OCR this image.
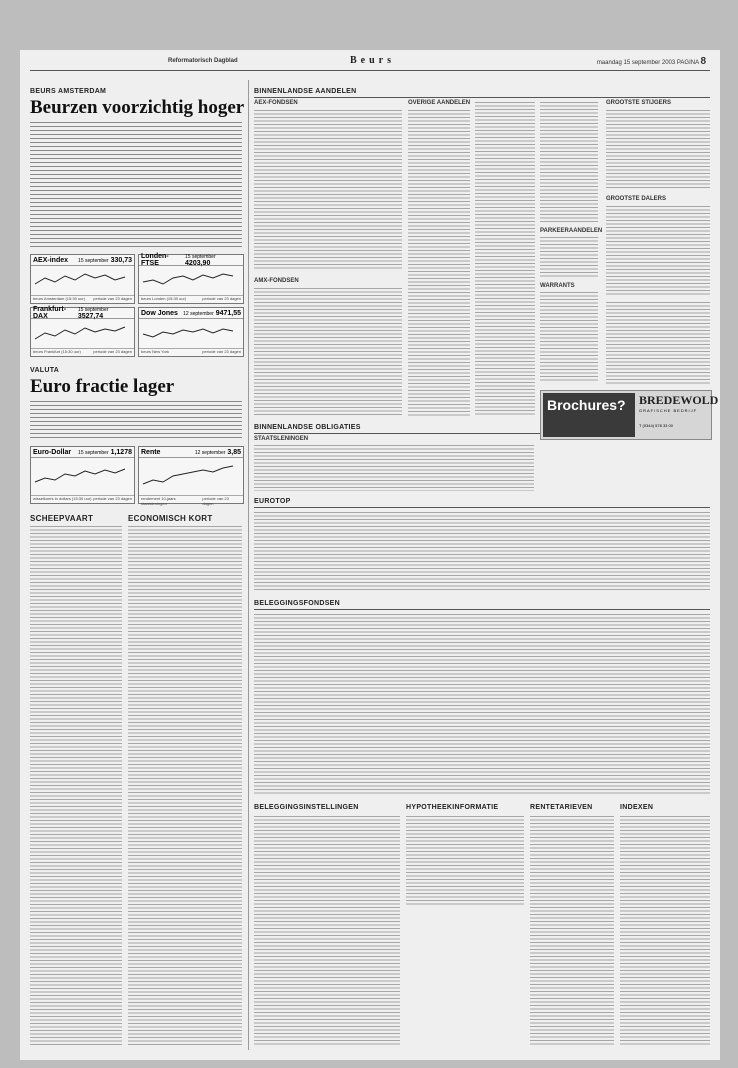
Reformatorisch Dagblad	Beurs	maandag 15 september 2003 PAGINA 8
BEURS AMSTERDAM
Beurzen voorzichtig hoger
AEX-index 15 september 330,73
beurs Amsterdam (15:30 uur) periode van 23 dagen
Londen-FTSE
15 september 4203,90
beurs Londen (15:30 uur)	periode van 23 dagen
Frankfurt-DAX
15 september 3527,74
beurs Frankfurt (15:30 uur)	periode van 23 dagen
Dow Jones 12 september 9471,55
beurs New York	periode van 23 dagen
VALUTA
Euro fractie lager
Euro-Dollar 15 september 1,1278
wisselkoers in dollars (15:30 uur) periode van 23 dagen
Rente	12 september 3,85
rendement 10-jaars staatsleningen
periode van 23 dagen
SCHEEPVAART	ECONOMISCH KORT
BINNENLANDSE AANDELEN
AEX-FONDSEN
AMX-FONDSEN
OVERIGE AANDELEN
PARKEERAANDELEN
WARRANTS
GROOTSTE STIJGERS
GROOTSTE DALERS
Brochures?	BREDEWOLD
GRAFISCHE BEDRIJF
T (0344) 578 33 00
BINNENLANDSE OBLIGATIES
STAATSLENINGEN
EUROTOP
BELEGGINGSFONDSEN
BELEGGINGSINSTELLINGEN	HYPOTHEEKINFORMATIE	RENTETARIEVEN	INDEXEN
